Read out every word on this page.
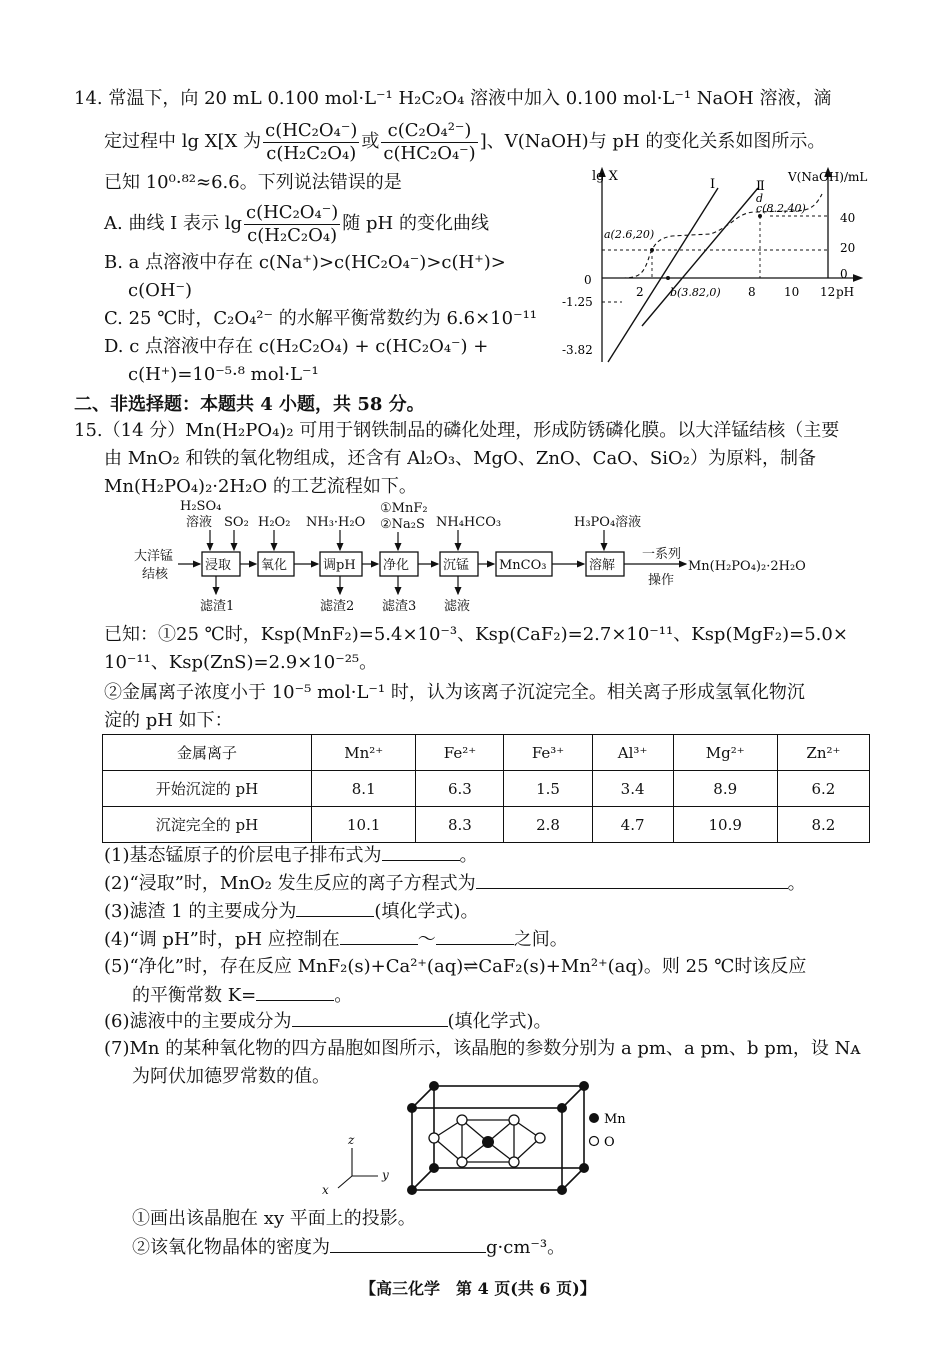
14. 常温下，向 20 mL 0.100 mol·L⁻¹ H₂C₂O₄ 溶液中加入 0.100 mol·L⁻¹ NaOH 溶液，滴
定过程中 lg X[X 为 $\frac{\text{c(HC₂O₄⁻)}}{\text{c(H₂C₂O₄)}}$ 或 $\frac{\text{c(C₂O₄²⁻)}}{\text{c(HC₂O₄⁻)}}$ ]、V(NaOH)与 pH 的变化关系如图所示。
已知 10⁰·⁸²≈6.6。下列说法错误的是
A. 曲线 Ⅰ 表示 $\lg \frac{\text{c(HC₂O₄⁻)}}{\text{c(H₂C₂O₄)}}$ 随 pH 的变化曲线
B. a 点溶液中存在 c(Na⁺)>c(HC₂O₄⁻)>c(H⁺)>
c(OH⁻)
C. 25 ℃时，C₂O₄²⁻ 的水解平衡常数约为 6.6×10⁻¹¹
D. c 点溶液中存在 c(H₂C₂O₄) + c(HC₂O₄⁻) +
c(H⁺)=10⁻⁵·⁸ mol·L⁻¹
lg X	V(NaOH)/mL
Ⅰ	Ⅱ
a(2.6,20)
b(3.82,0)
c(8.2,40)
d
0
-1.25
-3.82
40
20
0
2	8 10 12 pH
二、非选择题：本题共 4 小题，共 58 分。
15.（14 分）Mn(H₂PO₄)₂ 可用于钢铁制品的磷化处理，形成防锈磷化膜。以大洋锰结核（主要
由 MnO₂ 和铁的氧化物组成，还含有 Al₂O₃、MgO、ZnO、CaO、SiO₂）为原料，制备
Mn(H₂PO₄)₂·2H₂O 的工艺流程如下。
大洋锰
结核
H₂SO₄
溶液 SO₂ H₂O₂ NH₃·H₂O
①MnF₂
②Na₂S NH₄HCO₃	H₃PO₄溶液
浸取 氧化	调pH 净化	沉锰 MnCO₃	溶解
一系列
操作
Mn(H₂PO₄)₂·2H₂O
滤渣1	滤渣2 滤渣3 滤液
已知：①25 ℃时，Ksp(MnF₂)=5.4×10⁻³、Ksp(CaF₂)=2.7×10⁻¹¹、Ksp(MgF₂)=5.0×
10⁻¹¹、Ksp(ZnS)=2.9×10⁻²⁵。
②金属离子浓度小于 10⁻⁵ mol·L⁻¹ 时，认为该离子沉淀完全。相关离子形成氢氧化物沉
淀的 pH 如下：
金属离子	Mn²⁺	Fe²⁺	Fe³⁺	Al³⁺	Mg²⁺	Zn²⁺
开始沉淀的 pH	8.1	6.3	1.5	3.4	8.9	6.2
沉淀完全的 pH	10.1	8.3	2.8	4.7	10.9	8.2
(1)基态锰原子的价层电子排布式为	。
(2)“浸取”时，MnO₂ 发生反应的离子方程式为	。
(3)滤渣 1 的主要成分为	(填化学式)。
(4)“调 pH”时，pH 应控制在	～	之间。
(5)“净化”时，存在反应 MnF₂(s)+Ca²⁺(aq)⇌CaF₂(s)+Mn²⁺(aq)。则 25 ℃时该反应
的平衡常数 K=	。
(6)滤液中的主要成分为	(填化学式)。
(7)Mn 的某种氧化物的四方晶胞如图所示，该晶胞的参数分别为 a pm、a pm、b pm，设 Nᴀ
为阿伏加德罗常数的值。
z
y
x
Mn
O
①画出该晶胞在 xy 平面上的投影。
②该氧化物晶体的密度为	g·cm⁻³。
【高三化学　第 4 页(共 6 页)】
